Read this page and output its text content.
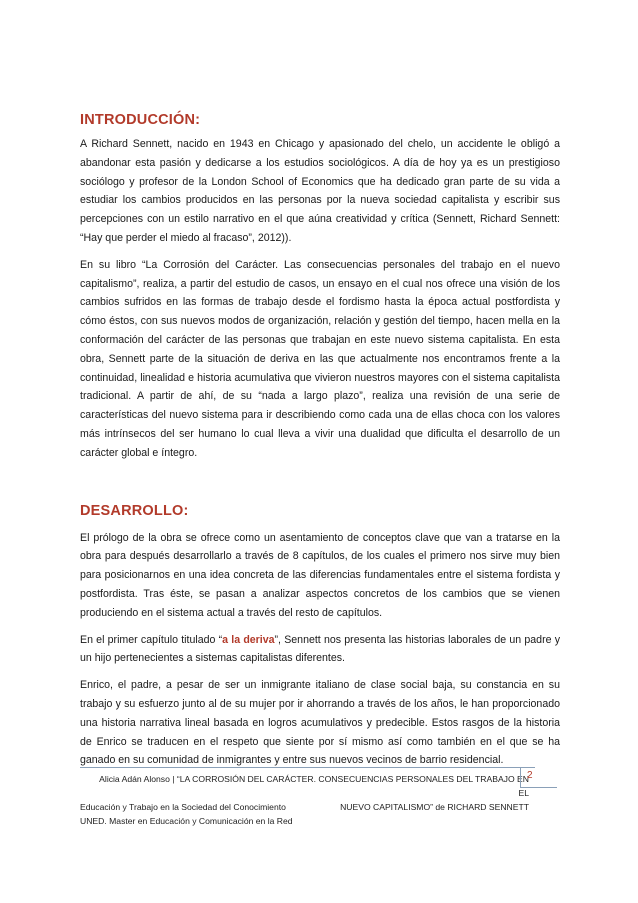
INTRODUCCIÓN:

A Richard Sennett, nacido en 1943 en Chicago y apasionado del chelo, un accidente le obligó a abandonar esta pasión y dedicarse a los estudios sociológicos. A día de hoy ya es un prestigioso sociólogo y profesor de la London School of Economics que ha dedicado gran parte de su vida a estudiar los cambios producidos en las personas por la nueva sociedad capitalista y escribir sus percepciones con un estilo narrativo en el que aúna creatividad y crítica (Sennett, Richard Sennett: “Hay que perder el miedo al fracaso”, 2012)).

En su libro “La Corrosión del Carácter. Las consecuencias personales del trabajo en el nuevo capitalismo”, realiza, a partir del estudio de casos, un ensayo en el cual nos ofrece una visión de los cambios sufridos en las formas de trabajo desde el fordismo hasta la época actual postfordista y cómo éstos, con sus nuevos modos de organización, relación y gestión del tiempo, hacen mella en la conformación del carácter de las personas que trabajan en este nuevo sistema capitalista. En esta obra, Sennett parte de la situación de deriva en las que actualmente nos encontramos frente a la continuidad, linealidad e historia acumulativa que vivieron nuestros mayores con el sistema capitalista tradicional. A partir de ahí, de su “nada a largo plazo”, realiza una revisión de una serie de características del nuevo sistema para ir describiendo como cada una de ellas choca con los valores más intrínsecos del ser humano lo cual lleva a vivir una dualidad que dificulta el desarrollo de un carácter global e íntegro.

DESARROLLO:

El prólogo de la obra se ofrece como un asentamiento de conceptos clave que van a tratarse en la obra para después desarrollarlo a través de 8 capítulos, de los cuales el primero nos sirve muy bien para posicionarnos en una idea concreta de las diferencias fundamentales entre el sistema fordista y postfordista. Tras éste, se pasan a analizar aspectos concretos de los cambios que se vienen produciendo en el sistema actual a través del resto de capítulos.

En el primer capítulo titulado “a la deriva”, Sennett nos presenta las historias laborales de un padre y un hijo pertenecientes a sistemas capitalistas diferentes.

Enrico, el padre, a pesar de ser un inmigrante italiano de clase social baja, su constancia en su trabajo y su esfuerzo junto al de su mujer por ir ahorrando a través de los años, le han proporcionado una historia narrativa lineal basada en logros acumulativos y predecible. Estos rasgos de la historia de Enrico se traducen en el respeto que siente por sí mismo así como también en el que se ha ganado en su comunidad de inmigrantes y entre sus nuevos vecinos de barrio residencial.

Alicia Adán Alonso | “LA CORROSIÓN DEL CARÁCTER. CONSECUENCIAS PERSONALES DEL TRABAJO EN EL
NUEVO CAPITALISMO” de RICHARD SENNETT
2
Educación y Trabajo en la Sociedad del Conocimiento
UNED. Master en Educación y Comunicación en la Red
